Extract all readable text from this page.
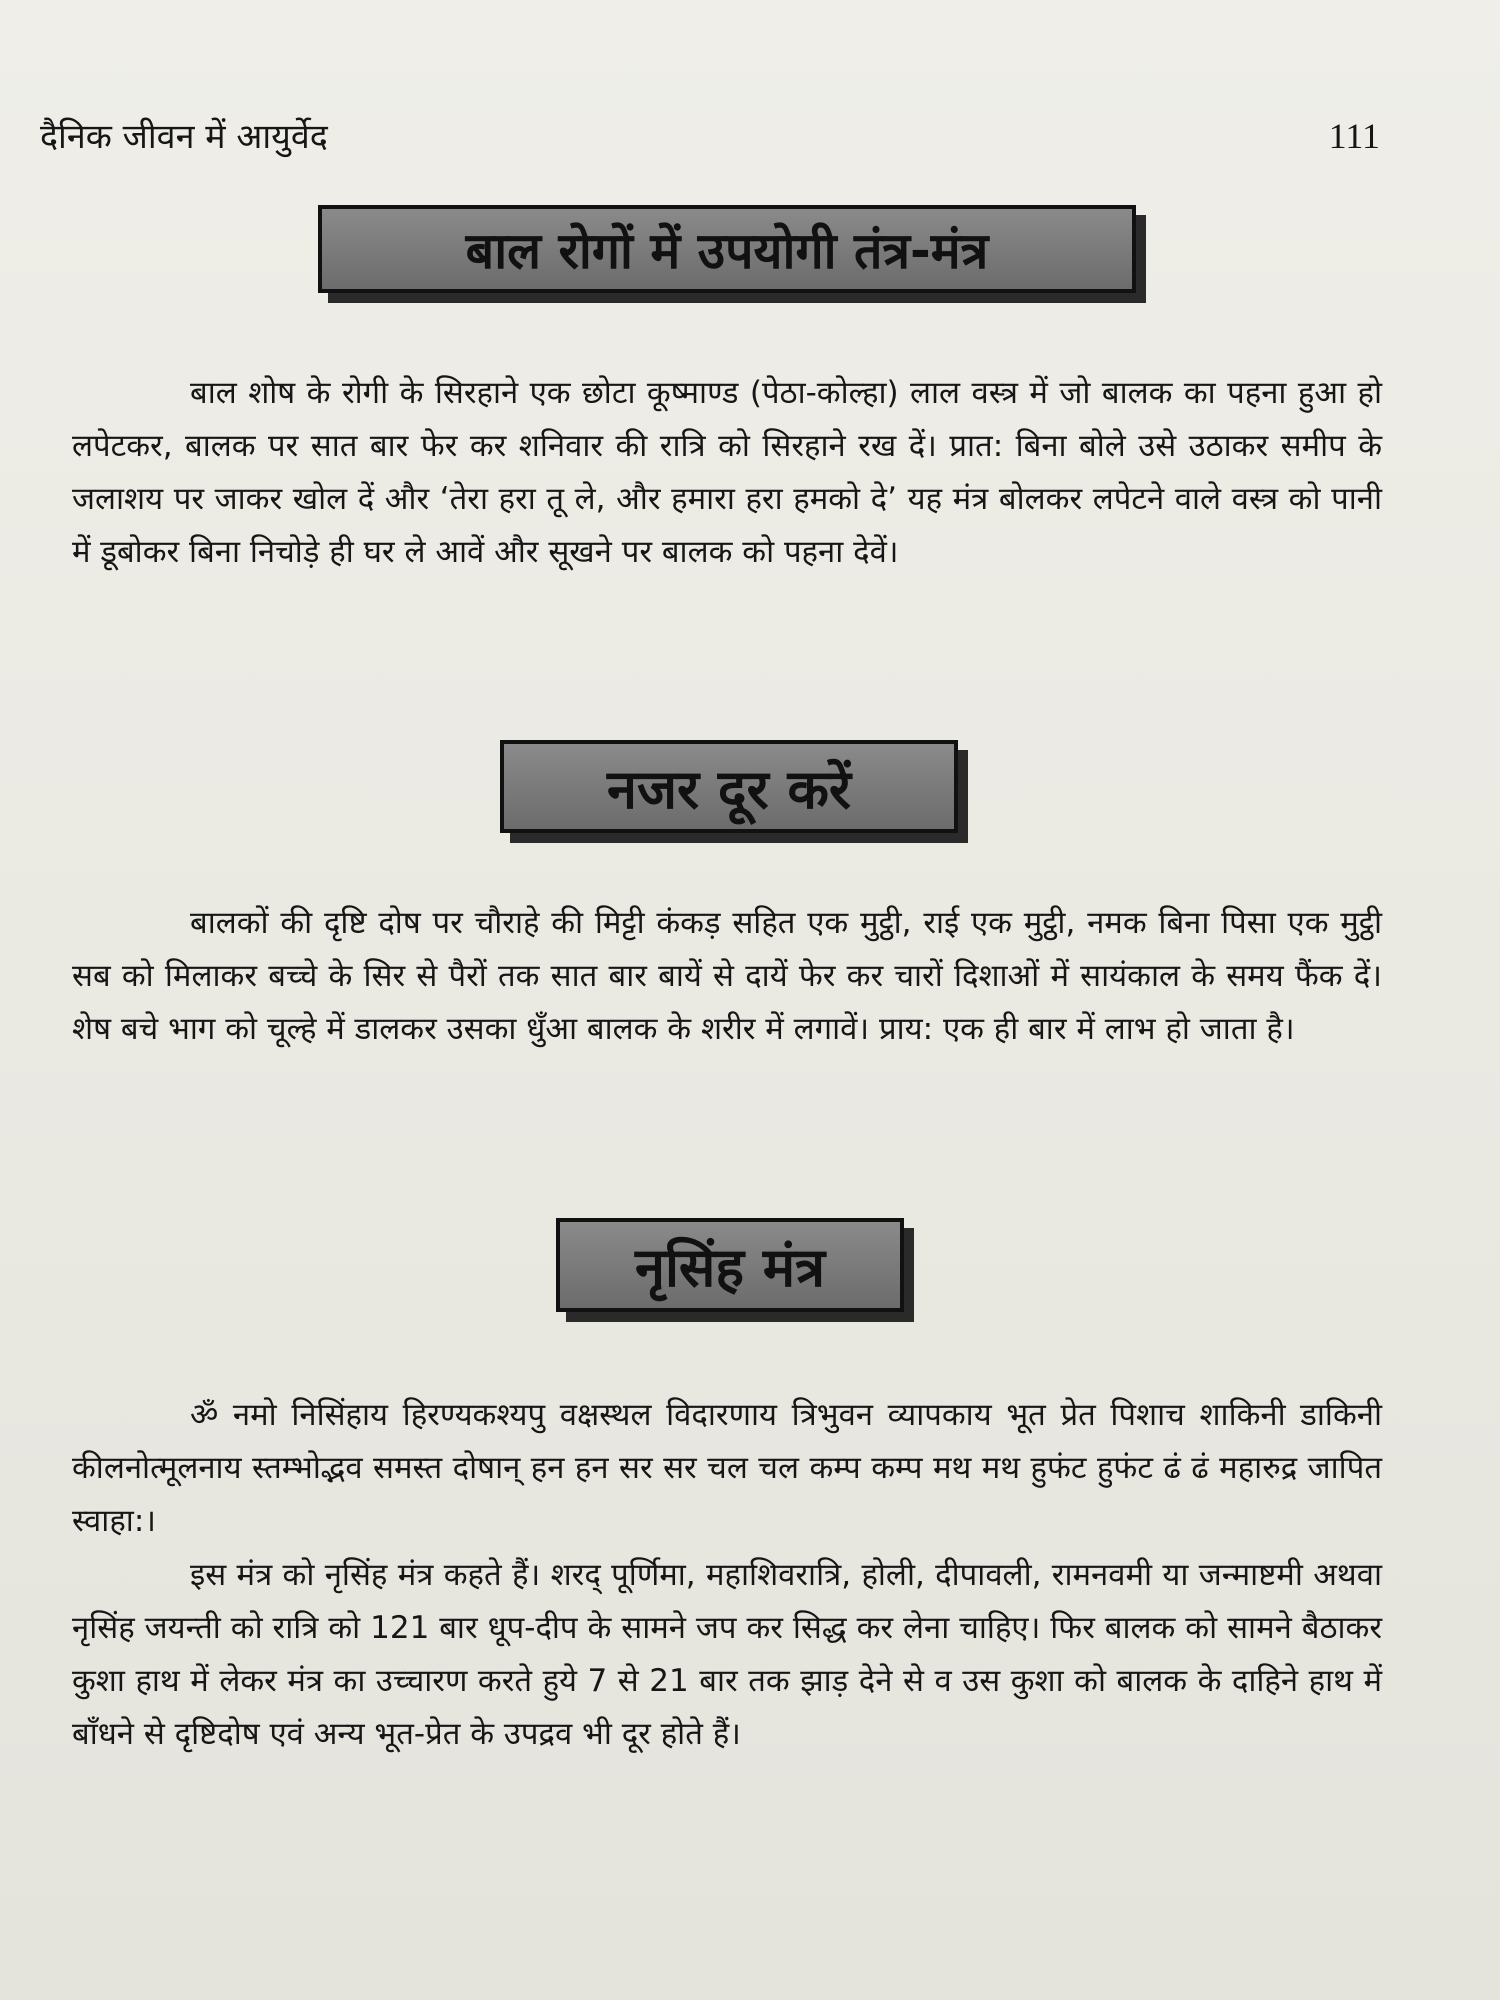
दैनिक जीवन में आयुर्वेद	111
बाल रोगों में उपयोगी तंत्र-मंत्र

बाल शोष के रोगी के सिरहाने एक छोटा कूष्माण्ड (पेठा-कोल्हा) लाल वस्त्र में जो बालक का पहना हुआ हो लपेटकर, बालक पर सात बार फेर कर शनिवार की रात्रि को सिरहाने रख दें। प्रात: बिना बोले उसे उठाकर समीप के जलाशय पर जाकर खोल दें और ‘तेरा हरा तू ले, और हमारा हरा हमको दे’ यह मंत्र बोलकर लपेटने वाले वस्त्र को पानी में डूबोकर बिना निचोड़े ही घर ले आवें और सूखने पर बालक को पहना देवें।

नजर दूर करें

बालकों की दृष्टि दोष पर चौराहे की मिट्टी कंकड़ सहित एक मुट्ठी, राई एक मुट्ठी, नमक बिना पिसा एक मुट्ठी सब को मिलाकर बच्चे के सिर से पैरों तक सात बार बायें से दायें फेर कर चारों दिशाओं में सायंकाल के समय फैंक दें। शेष बचे भाग को चूल्हे में डालकर उसका धुँआ बालक के शरीर में लगावें। प्राय: एक ही बार में लाभ हो जाता है।

नृसिंह मंत्र

ॐ नमो निसिंहाय हिरण्यकश्यपु वक्षस्थल विदारणाय त्रिभुवन व्यापकाय भूत प्रेत पिशाच शाकिनी डाकिनी कीलनोत्मूलनाय स्तम्भोद्भव समस्त दोषान् हन हन सर सर चल चल कम्प कम्प मथ मथ हुफंट हुफंट ढं ढं महारुद्र जापित स्वाहा:।

इस मंत्र को नृसिंह मंत्र कहते हैं। शरद् पूर्णिमा, महाशिवरात्रि, होली, दीपावली, रामनवमी या जन्माष्टमी अथवा नृसिंह जयन्ती को रात्रि को 121 बार धूप-दीप के सामने जप कर सिद्ध कर लेना चाहिए। फिर बालक को सामने बैठाकर कुशा हाथ में लेकर मंत्र का उच्चारण करते हुये 7 से 21 बार तक झाड़ देने से व उस कुशा को बालक के दाहिने हाथ में बाँधने से दृष्टिदोष एवं अन्य भूत-प्रेत के उपद्रव भी दूर होते हैं।
